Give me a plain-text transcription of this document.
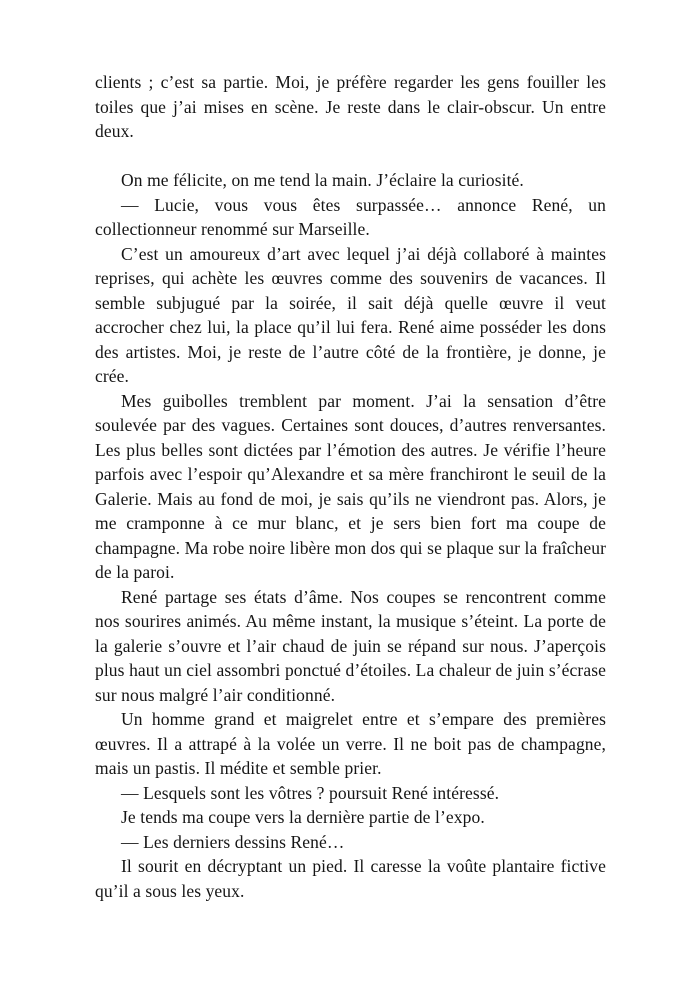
clients ; c’est sa partie. Moi, je préfère regarder les gens fouiller les toiles que j’ai mises en scène. Je reste dans le clair-obscur. Un entre deux.

On me félicite, on me tend la main. J’éclaire la curiosité.

— Lucie, vous vous êtes surpassée… annonce René, un collectionneur renommé sur Marseille.

C’est un amoureux d’art avec lequel j’ai déjà collaboré à maintes reprises, qui achète les œuvres comme des souvenirs de vacances. Il semble subjugué par la soirée, il sait déjà quelle œuvre il veut accrocher chez lui, la place qu’il lui fera. René aime posséder les dons des artistes. Moi, je reste de l’autre côté de la frontière, je donne, je crée.

Mes guibolles tremblent par moment. J’ai la sensation d’être soulevée par des vagues. Certaines sont douces, d’autres renversantes. Les plus belles sont dictées par l’émotion des autres. Je vérifie l’heure parfois avec l’espoir qu’Alexandre et sa mère franchiront le seuil de la Galerie. Mais au fond de moi, je sais qu’ils ne viendront pas. Alors, je me cramponne à ce mur blanc, et je sers bien fort ma coupe de champagne. Ma robe noire libère mon dos qui se plaque sur la fraîcheur de la paroi.

René partage ses états d’âme. Nos coupes se rencontrent comme nos sourires animés. Au même instant, la musique s’éteint. La porte de la galerie s’ouvre et l’air chaud de juin se répand sur nous. J’aperçois plus haut un ciel assombri ponctué d’étoiles. La chaleur de juin s’écrase sur nous malgré l’air conditionné.

Un homme grand et maigrelet entre et s’empare des premières œuvres. Il a attrapé à la volée un verre. Il ne boit pas de champagne, mais un pastis. Il médite et semble prier.

— Lesquels sont les vôtres ? poursuit René intéressé.

Je tends ma coupe vers la dernière partie de l’expo.

— Les derniers dessins René…

Il sourit en décryptant un pied. Il caresse la voûte plantaire fictive qu’il a sous les yeux.
